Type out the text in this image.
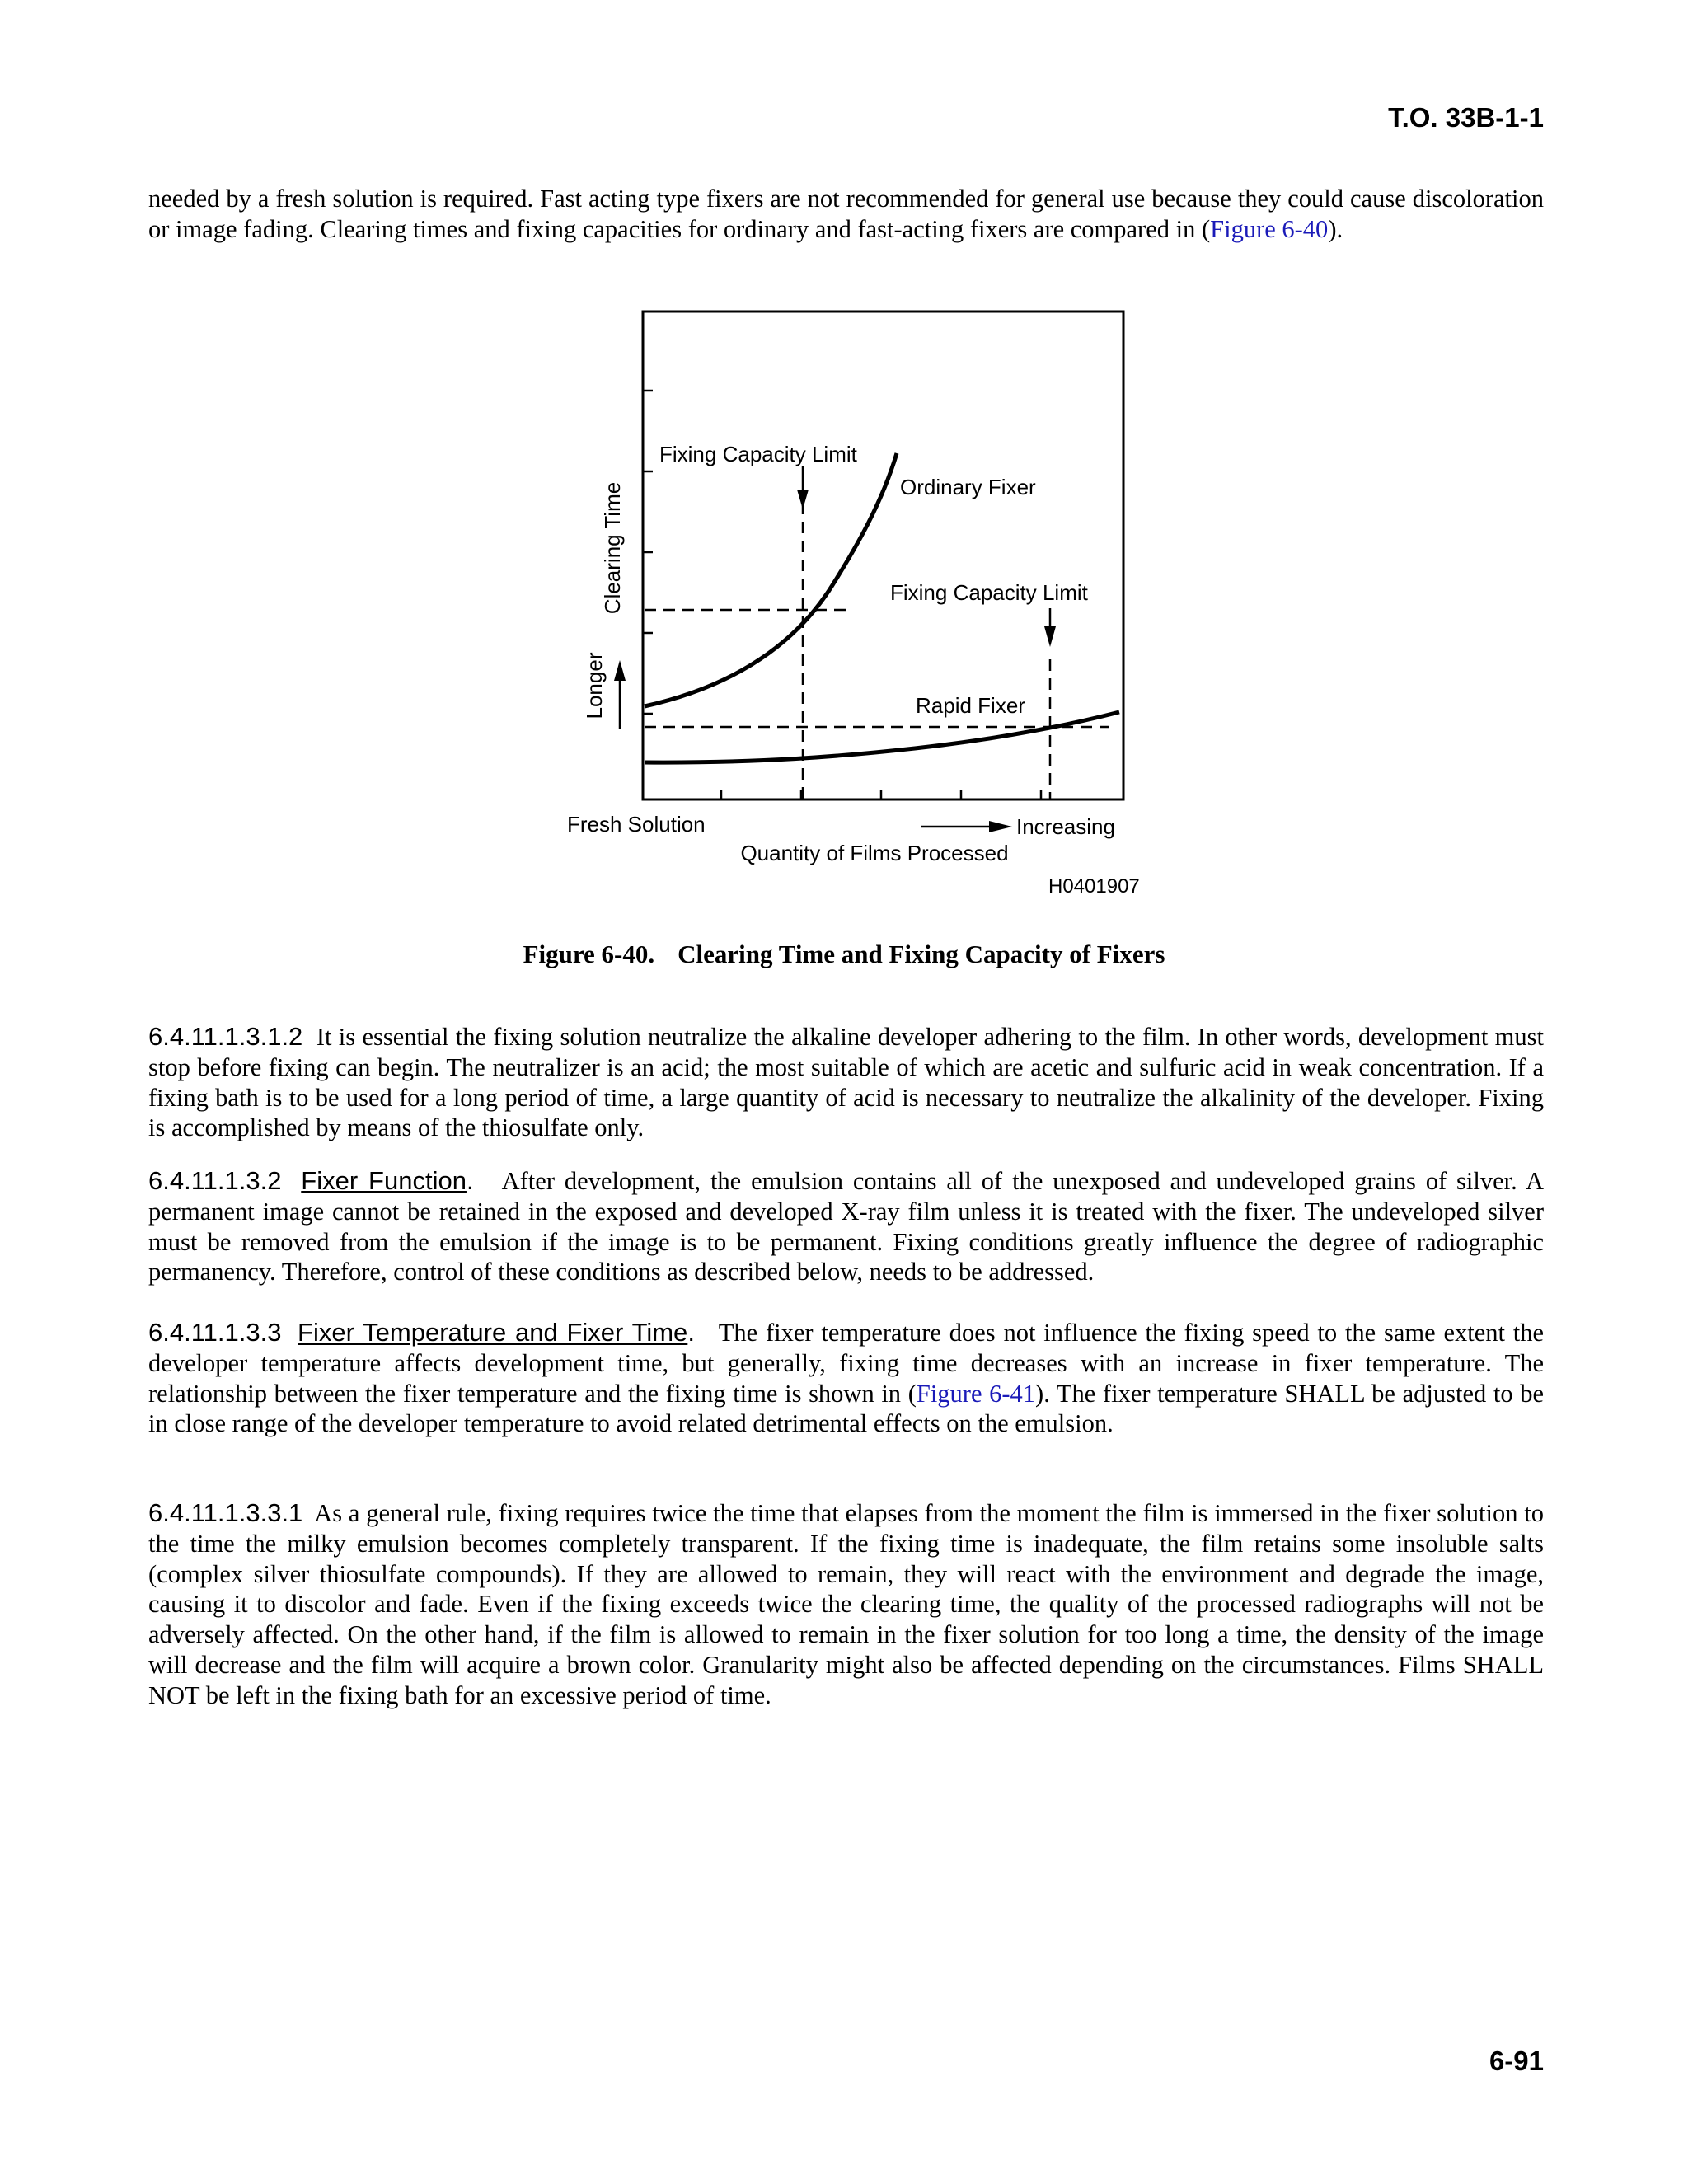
T.O. 33B-1-1

needed by a fresh solution is required. Fast acting type fixers are not recommended for general use because they could cause discoloration or image fading. Clearing times and fixing capacities for ordinary and fast-acting fixers are compared in (Figure 6-40).

Fixing Capacity Limit
Ordinary Fixer
Fixing Capacity Limit
Rapid Fixer
Clearing Time
Longer
Fresh Solution	Increasing
Quantity of Films Processed
H0401907

Figure 6-40. Clearing Time and Fixing Capacity of Fixers

6.4.11.1.3.1.2 It is essential the fixing solution neutralize the alkaline developer adhering to the film. In other words, development must stop before fixing can begin. The neutralizer is an acid; the most suitable of which are acetic and sulfuric acid in weak concentration. If a fixing bath is to be used for a long period of time, a large quantity of acid is necessary to neutralize the alkalinity of the developer. Fixing is accomplished by means of the thiosulfate only.

6.4.11.1.3.2 Fixer Function. After development, the emulsion contains all of the unexposed and undeveloped grains of silver. A permanent image cannot be retained in the exposed and developed X-ray film unless it is treated with the fixer. The undeveloped silver must be removed from the emulsion if the image is to be permanent. Fixing conditions greatly influence the degree of radiographic permanency. Therefore, control of these conditions as described below, needs to be addressed.

6.4.11.1.3.3 Fixer Temperature and Fixer Time. The fixer temperature does not influence the fixing speed to the same extent the developer temperature affects development time, but generally, fixing time decreases with an increase in fixer temperature. The relationship between the fixer temperature and the fixing time is shown in (Figure 6-41). The fixer temperature SHALL be adjusted to be in close range of the developer temperature to avoid related detrimental effects on the emulsion.

6.4.11.1.3.3.1 As a general rule, fixing requires twice the time that elapses from the moment the film is immersed in the fixer solution to the time the milky emulsion becomes completely transparent. If the fixing time is inadequate, the film retains some insoluble salts (complex silver thiosulfate compounds). If they are allowed to remain, they will react with the environment and degrade the image, causing it to discolor and fade. Even if the fixing exceeds twice the clearing time, the quality of the processed radiographs will not be adversely affected. On the other hand, if the film is allowed to remain in the fixer solution for too long a time, the density of the image will decrease and the film will acquire a brown color. Granularity might also be affected depending on the circumstances. Films SHALL NOT be left in the fixing bath for an excessive period of time.

6-91
